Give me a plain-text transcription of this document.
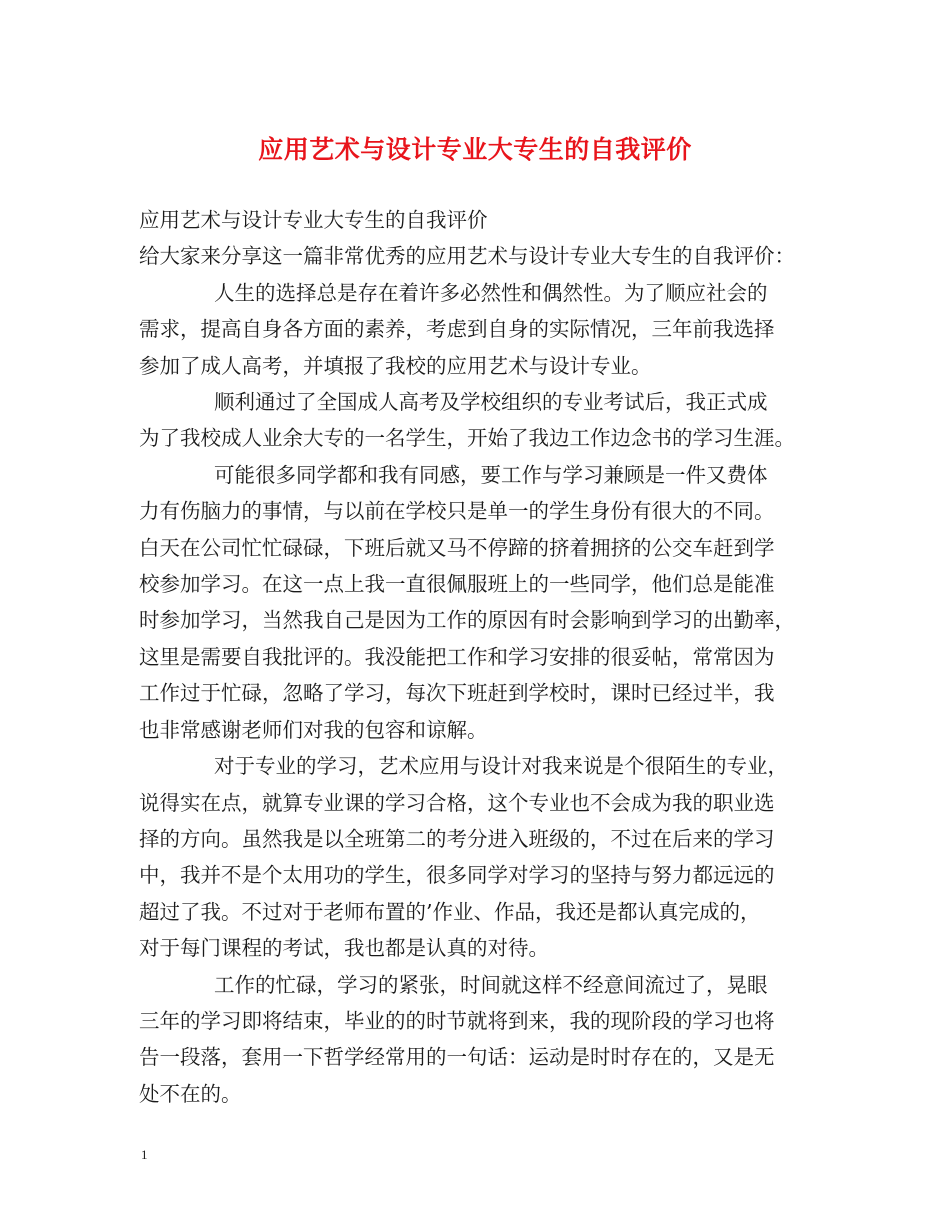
应用艺术与设计专业大专生的自我评价
应用艺术与设计专业大专生的自我评价
给大家来分享这一篇非常优秀的应用艺术与设计专业大专生的自我评价：
人生的选择总是存在着许多必然性和偶然性。为了顺应社会的
需求，提高自身各方面的素养，考虑到自身的实际情况，三年前我选择
参加了成人高考，并填报了我校的应用艺术与设计专业。
顺利通过了全国成人高考及学校组织的专业考试后，我正式成
为了我校成人业余大专的一名学生，开始了我边工作边念书的学习生涯。
可能很多同学都和我有同感，要工作与学习兼顾是一件又费体
力有伤脑力的事情，与以前在学校只是单一的学生身份有很大的不同。
白天在公司忙忙碌碌，下班后就又马不停蹄的挤着拥挤的公交车赶到学
校参加学习。在这一点上我一直很佩服班上的一些同学，他们总是能准
时参加学习，当然我自己是因为工作的原因有时会影响到学习的出勤率，
这里是需要自我批评的。我没能把工作和学习安排的很妥帖，常常因为
工作过于忙碌，忽略了学习，每次下班赶到学校时，课时已经过半，我
也非常感谢老师们对我的包容和谅解。
对于专业的学习，艺术应用与设计对我来说是个很陌生的专业，
说得实在点，就算专业课的学习合格，这个专业也不会成为我的职业选
择的方向。虽然我是以全班第二的考分进入班级的，不过在后来的学习
中，我并不是个太用功的学生，很多同学对学习的坚持与努力都远远的
超过了我。不过对于老师布置的’作业、作品，我还是都认真完成的，
对于每门课程的考试，我也都是认真的对待。
工作的忙碌，学习的紧张，时间就这样不经意间流过了，晃眼
三年的学习即将结束，毕业的的时节就将到来，我的现阶段的学习也将
告一段落，套用一下哲学经常用的一句话：运动是时时存在的，又是无
处不在的。
1
